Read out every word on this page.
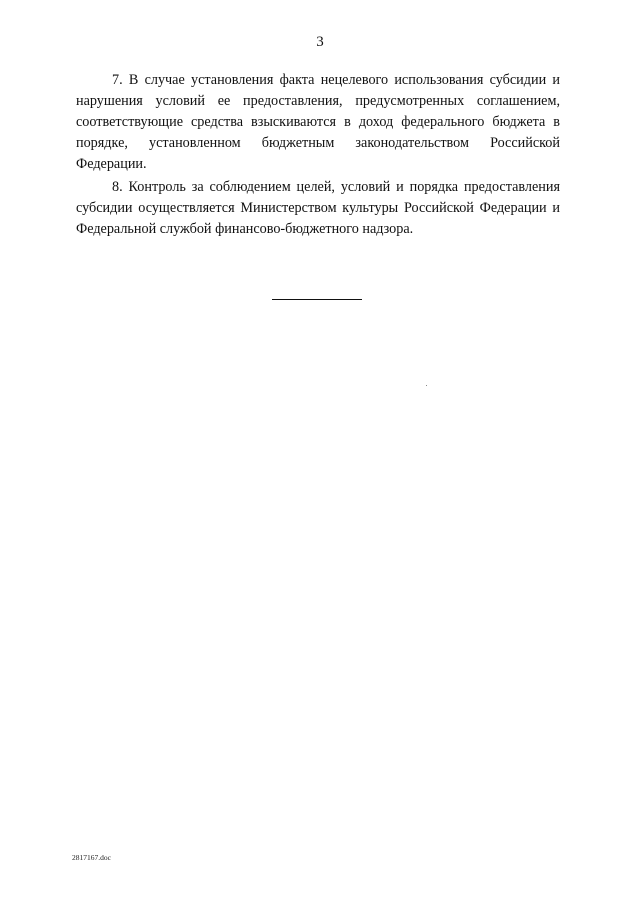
3

7. В случае установления факта нецелевого использования субсидии и нарушения условий ее предоставления, предусмотренных соглашением, соответствующие средства взыскиваются в доход федерального бюджета в порядке, установленном бюджетным законодательством Российской Федерации.

8. Контроль за соблюдением целей, условий и порядка предоставления субсидии осуществляется Министерством культуры Российской Федерации и Федеральной службой финансово-бюджетного надзора.

2817167.doc
